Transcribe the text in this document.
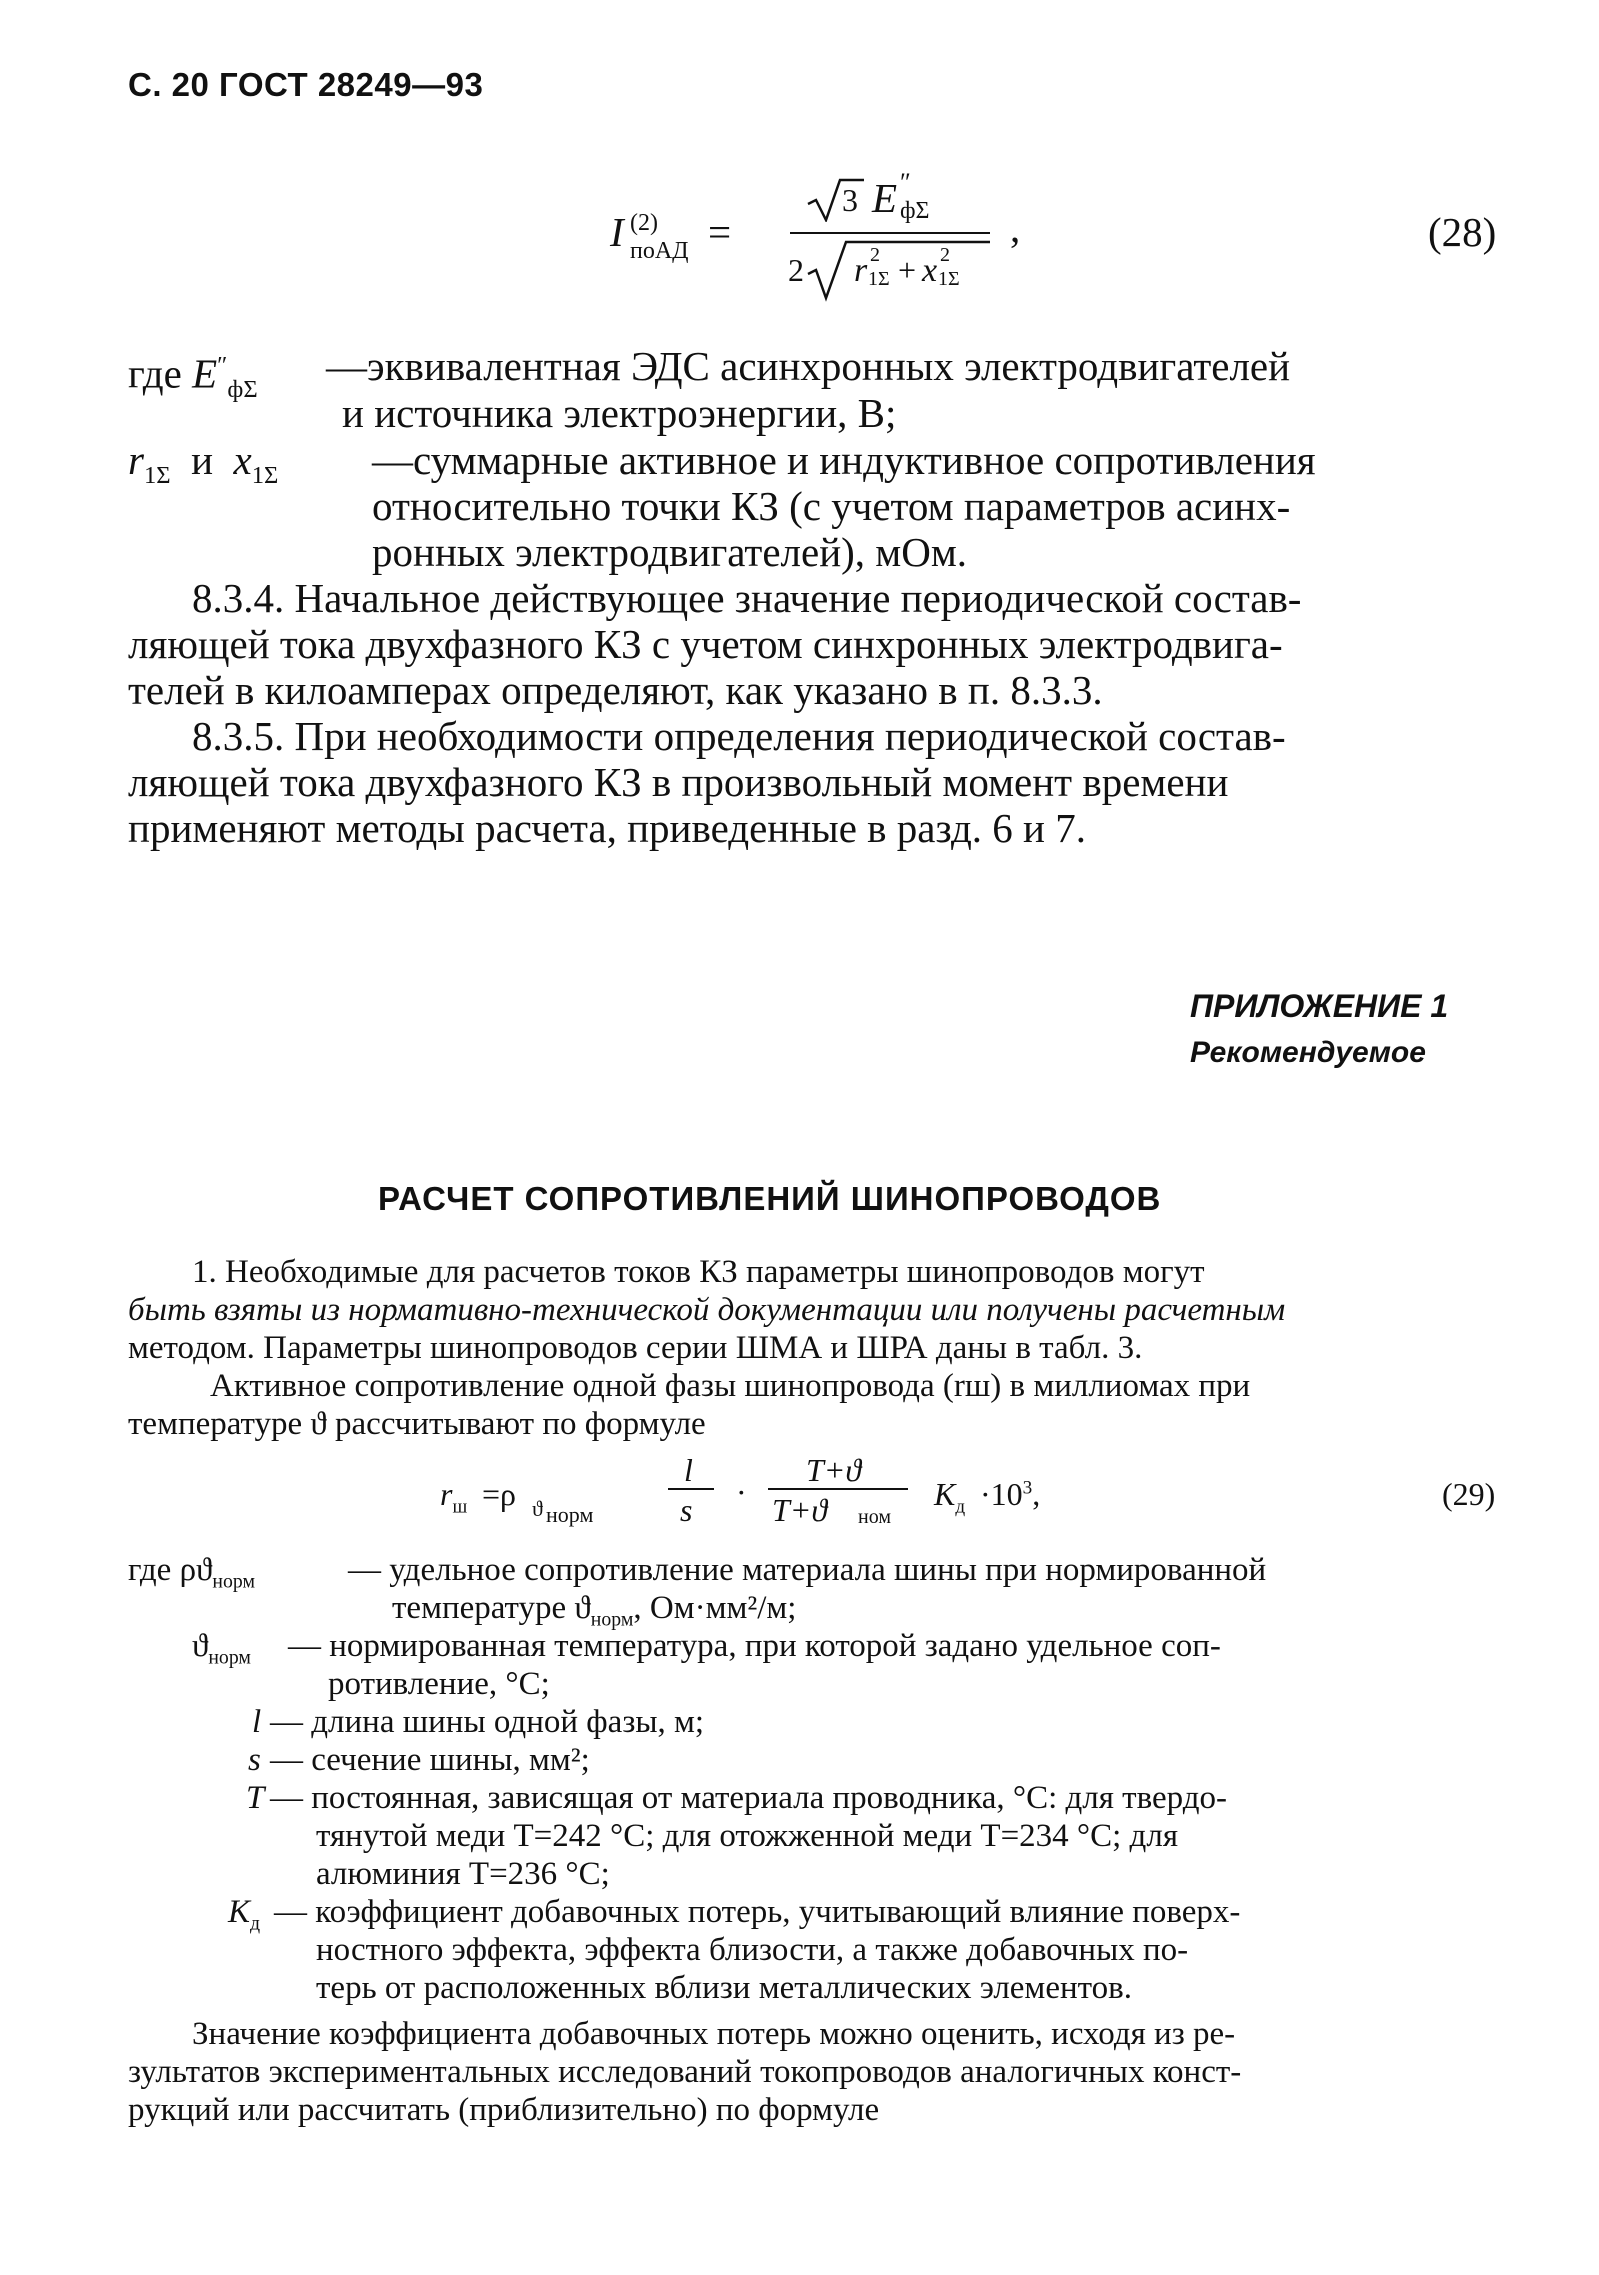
С. 20 ГОСТ 28249—93
I (2)
поАД =
3 E ″
фΣ
2 r 2
1Σ + x 2
1Σ
,	(28)
где $E''_{ф\Sigma}$
—эквивалентная ЭДС асинхронных электродвигателей
и источника электроэнергии, В;
$r_{1\Sigma}$ и $x_{1\Sigma}$ —суммарные активное и индуктивное сопротивления
относительно точки КЗ (с учетом параметров асинх-
ронных электродвигателей), мОм.
8.3.4. Начальное действующее значение периодической состав-
ляющей тока двухфазного КЗ с учетом синхронных электродвига-
телей в килоамперах определяют, как указано в п. 8.3.3.
8.3.5. При необходимости определения периодической состав-
ляющей тока двухфазного КЗ в произвольный момент времени
применяют методы расчета, приведенные в разд. 6 и 7.
ПРИЛОЖЕНИЕ 1
Рекомендуемое
РАСЧЕТ СОПРОТИВЛЕНИЙ ШИНОПРОВОДОВ
1. Необходимые для расчетов токов КЗ параметры шинопроводов могут
быть взяты из нормативно-технической документации или получены расчетным
методом. Параметры шинопроводов серии ШМА и ШРА даны в табл. 3.
Активное сопротивление одной фазы шинопровода (rш) в миллиомах при
температуре ϑ рассчитывают по формуле
$r_ш =\rho$ ϑ норм
l
s ·
T+ϑ
T+ϑ ном
$K_д \cdot 10^3$,	(29)
где $\rho ϑ_{норм}$	— удельное сопротивление материала шины при нормированной
температуре $ϑ_{норм}$, Ом·мм²/м;
$ϑ_{норм}$ — нормированная температура, при которой задано удельное соп-
ротивление, °С;
l — длина шины одной фазы, м;
s — сечение шины, мм²;
T — постоянная, зависящая от материала проводника, °С: для твердо-
тянутой меди T=242 °С; для отожженной меди T=234 °С; для
алюминия T=236 °С;
$K_д$ — коэффициент добавочных потерь, учитывающий влияние поверх-
ностного эффекта, эффекта близости, а также добавочных по-
терь от расположенных вблизи металлических элементов.
Значение коэффициента добавочных потерь можно оценить, исходя из ре-
зультатов экспериментальных исследований токопроводов аналогичных конст-
рукций или рассчитать (приблизительно) по формуле
